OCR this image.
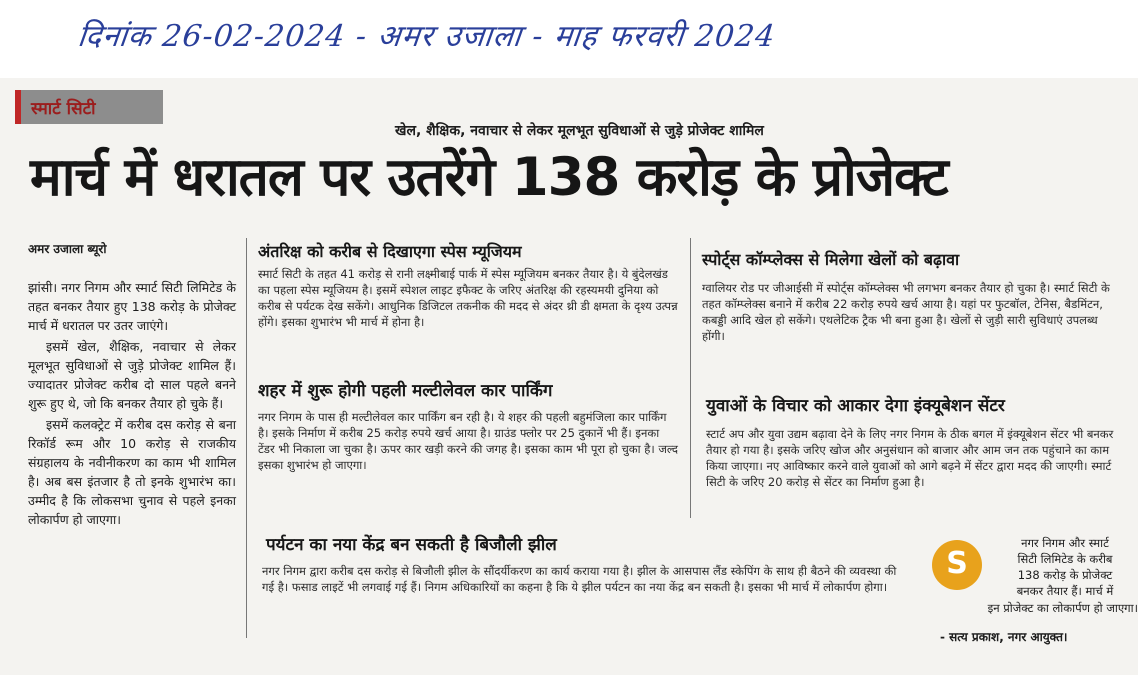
दिनांक 26-02-2024 - अमर उजाला - माह फरवरी 2024
स्मार्ट सिटी
खेल, शैक्षिक, नवाचार से लेकर मूलभूत सुविधाओं से जुड़े प्रोजेक्ट शामिल
मार्च में धरातल पर उतरेंगे 138 करोड़ के प्रोजेक्ट
अमर उजाला ब्यूरो

झांसी। नगर निगम और स्मार्ट सिटी लिमिटेड के तहत बनकर तैयार हुए 138 करोड़ के प्रोजेक्ट मार्च में धरातल पर उतर जाएंगे।

इसमें खेल, शैक्षिक, नवाचार से लेकर मूलभूत सुविधाओं से जुड़े प्रोजेक्ट शामिल हैं। ज्यादातर प्रोजेक्ट करीब दो साल पहले बनने शुरू हुए थे, जो कि बनकर तैयार हो चुके हैं।

इसमें कलक्ट्रेट में करीब दस करोड़ से बना रिकॉर्ड रूम और 10 करोड़ से राजकीय संग्रहालय के नवीनीकरण का काम भी शामिल है। अब बस इंतजार है तो इनके शुभारंभ का। उम्मीद है कि लोकसभा चुनाव से पहले इनका लोकार्पण हो जाएगा।

अंतरिक्ष को करीब से दिखाएगा स्पेस म्यूजियम
स्मार्ट सिटी के तहत 41 करोड़ से रानी लक्ष्मीबाई पार्क में स्पेस म्यूजियम बनकर तैयार है। ये बुंदेलखंड का पहला स्पेस म्यूजियम है। इसमें स्पेशल लाइट इफैक्ट के जरिए अंतरिक्ष की रहस्यमयी दुनिया को करीब से पर्यटक देख सकेंगे। आधुनिक डिजिटल तकनीक की मदद से अंदर थ्री डी क्षमता के दृश्य उत्पन्न होंगे। इसका शुभारंभ भी मार्च में होना है।
शहर में शुरू होगी पहली मल्टीलेवल कार पार्किंग
नगर निगम के पास ही मल्टीलेवल कार पार्किंग बन रही है। ये शहर की पहली बहुमंजिला कार पार्किंग है। इसके निर्माण में करीब 25 करोड़ रुपये खर्च आया है। ग्राउंड फ्लोर पर 25 दुकानें भी हैं। इनका टेंडर भी निकाला जा चुका है। ऊपर कार खड़ी करने की जगह है। इसका काम भी पूरा हो चुका है। जल्द इसका शुभारंभ हो जाएगा।
स्पोर्ट्स कॉम्प्लेक्स से मिलेगा खेलों को बढ़ावा
ग्वालियर रोड पर जीआईसी में स्पोर्ट्स कॉम्प्लेक्स भी लगभग बनकर तैयार हो चुका है। स्मार्ट सिटी के तहत कॉम्प्लेक्स बनाने में करीब 22 करोड़ रुपये खर्च आया है। यहां पर फुटबॉल, टेनिस, बैडमिंटन, कबड्डी आदि खेल हो सकेंगे। एथलेटिक ट्रैक भी बना हुआ है। खेलों से जुड़ी सारी सुविधाएं उपलब्ध होंगी।
युवाओं के विचार को आकार देगा इंक्यूबेशन सेंटर
स्टार्ट अप और युवा उद्यम बढ़ावा देने के लिए नगर निगम के ठीक बगल में इंक्यूबेशन सेंटर भी बनकर तैयार हो गया है। इसके जरिए खोज और अनुसंधान को बाजार और आम जन तक पहुंचाने का काम किया जाएगा। नए आविष्कार करने वाले युवाओं को आगे बढ़ने में सेंटर द्वारा मदद की जाएगी। स्मार्ट सिटी के जरिए 20 करोड़ से सेंटर का निर्माण हुआ है।
पर्यटन का नया केंद्र बन सकती है बिजौली झील
नगर निगम द्वारा करीब दस करोड़ से बिजौली झील के सौंदर्यीकरण का कार्य कराया गया है। झील के आसपास लैंड स्केपिंग के साथ ही बैठने की व्यवस्था की गई है। फसाड लाइटें भी लगवाई गई हैं। निगम अधिकारियों का कहना है कि ये झील पर्यटन का नया केंद्र बन सकती है। इसका भी मार्च में लोकार्पण होगा।
S
नगर निगम और स्मार्ट
सिटी लिमिटेड के करीब
138 करोड़ के प्रोजेक्ट
बनकर तैयार हैं। मार्च में
इन प्रोजेक्ट का लोकार्पण हो जाएगा।
- सत्य प्रकाश, नगर आयुक्त।
